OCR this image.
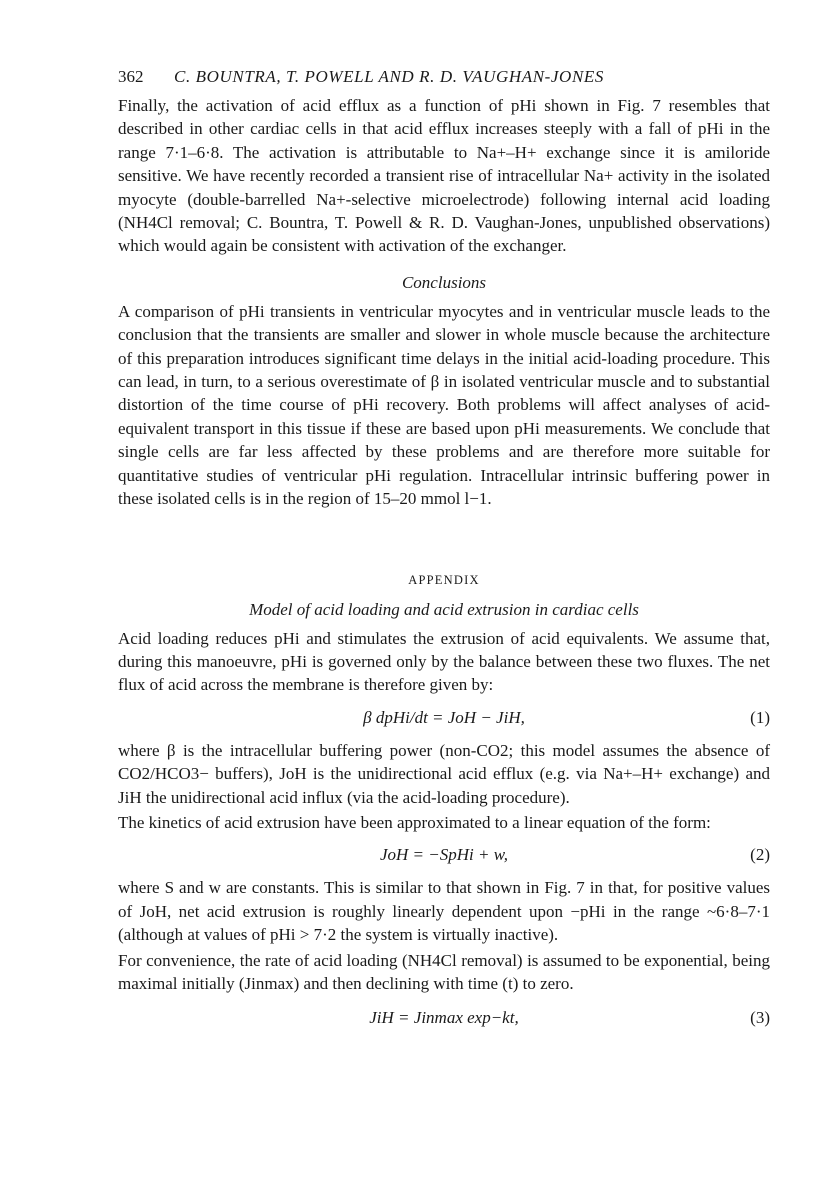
362	C. BOUNTRA, T. POWELL AND R. D. VAUGHAN-JONES

Finally, the activation of acid efflux as a function of pHi shown in Fig. 7 resembles that described in other cardiac cells in that acid efflux increases steeply with a fall of pHi in the range 7·1–6·8. The activation is attributable to Na+–H+ exchange since it is amiloride sensitive. We have recently recorded a transient rise of intracellular Na+ activity in the isolated myocyte (double-barrelled Na+-selective microelectrode) following internal acid loading (NH4Cl removal; C. Bountra, T. Powell & R. D. Vaughan-Jones, unpublished observations) which would again be consistent with activation of the exchanger.

Conclusions

A comparison of pHi transients in ventricular myocytes and in ventricular muscle leads to the conclusion that the transients are smaller and slower in whole muscle because the architecture of this preparation introduces significant time delays in the initial acid-loading procedure. This can lead, in turn, to a serious overestimate of β in isolated ventricular muscle and to substantial distortion of the time course of pHi recovery. Both problems will affect analyses of acid-equivalent transport in this tissue if these are based upon pHi measurements. We conclude that single cells are far less affected by these problems and are therefore more suitable for quantitative studies of ventricular pHi regulation. Intracellular intrinsic buffering power in these isolated cells is in the region of 15–20 mmol l−1.

APPENDIX
Model of acid loading and acid extrusion in cardiac cells

Acid loading reduces pHi and stimulates the extrusion of acid equivalents. We assume that, during this manoeuvre, pHi is governed only by the balance between these two fluxes. The net flux of acid across the membrane is therefore given by:

β dpHi/dt = JoH − JiH,	(1)

where β is the intracellular buffering power (non-CO2; this model assumes the absence of CO2/HCO3− buffers), JoH is the unidirectional acid efflux (e.g. via Na+–H+ exchange) and JiH the unidirectional acid influx (via the acid-loading procedure).

The kinetics of acid extrusion have been approximated to a linear equation of the form:

JoH = −SpHi + w,	(2)

where S and w are constants. This is similar to that shown in Fig. 7 in that, for positive values of JoH, net acid extrusion is roughly linearly dependent upon −pHi in the range ~6·8–7·1 (although at values of pHi > 7·2 the system is virtually inactive).

For convenience, the rate of acid loading (NH4Cl removal) is assumed to be exponential, being maximal initially (Jinmax) and then declining with time (t) to zero.

JiH = Jinmax exp−kt,	(3)
